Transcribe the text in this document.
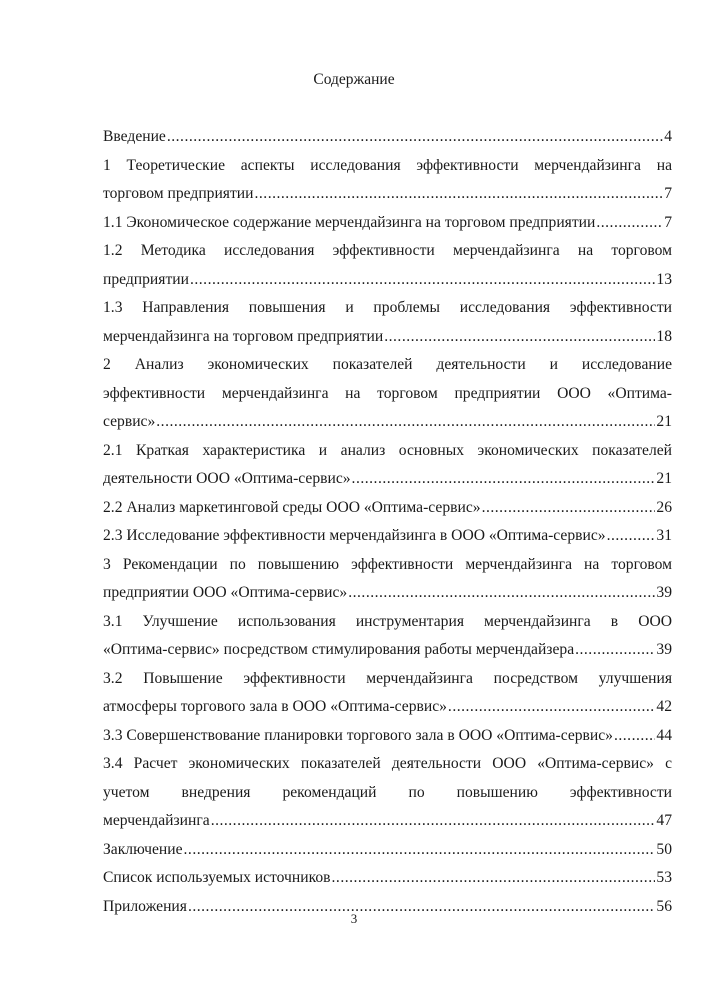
Содержание
Введение .....	4
1 Теоретические аспекты исследования эффективности мерчендайзинга на
торговом предприятии .....	7
1.1 Экономическое содержание мерчендайзинга на торговом предприятии .....	7
1.2 Методика исследования эффективности мерчендайзинга на торговом
предприятии .....	13
1.3 Направления повышения и проблемы исследования эффективности
мерчендайзинга на торговом предприятии .....	18
2 Анализ экономических показателей деятельности и исследование
эффективности мерчендайзинга на торговом предприятии ООО «Оптима-
сервис» .....	21
2.1 Краткая характеристика и анализ основных экономических показателей
деятельности ООО «Оптима-сервис» .....	21
2.2 Анализ маркетинговой среды ООО «Оптима-сервис» .....	26
2.3 Исследование эффективности мерчендайзинга в ООО «Оптима-сервис» .....	31
3 Рекомендации по повышению эффективности мерчендайзинга на торговом
предприятии ООО «Оптима-сервис» .....	39
3.1 Улучшение использования инструментария мерчендайзинга в ООО
«Оптима-сервис» посредством стимулирования работы мерчендайзера .....	39
3.2 Повышение эффективности мерчендайзинга посредством улучшения
атмосферы торгового зала в ООО «Оптима-сервис» .....	42
3.3 Совершенствование планировки торгового зала в ООО «Оптима-сервис» .....	44
3.4 Расчет экономических показателей деятельности ООО «Оптима-сервис» с
учетом внедрения рекомендаций по повышению эффективности
мерчендайзинга .....	47
Заключение .....	50
Список используемых источников .....	53
Приложения .....	56
3
